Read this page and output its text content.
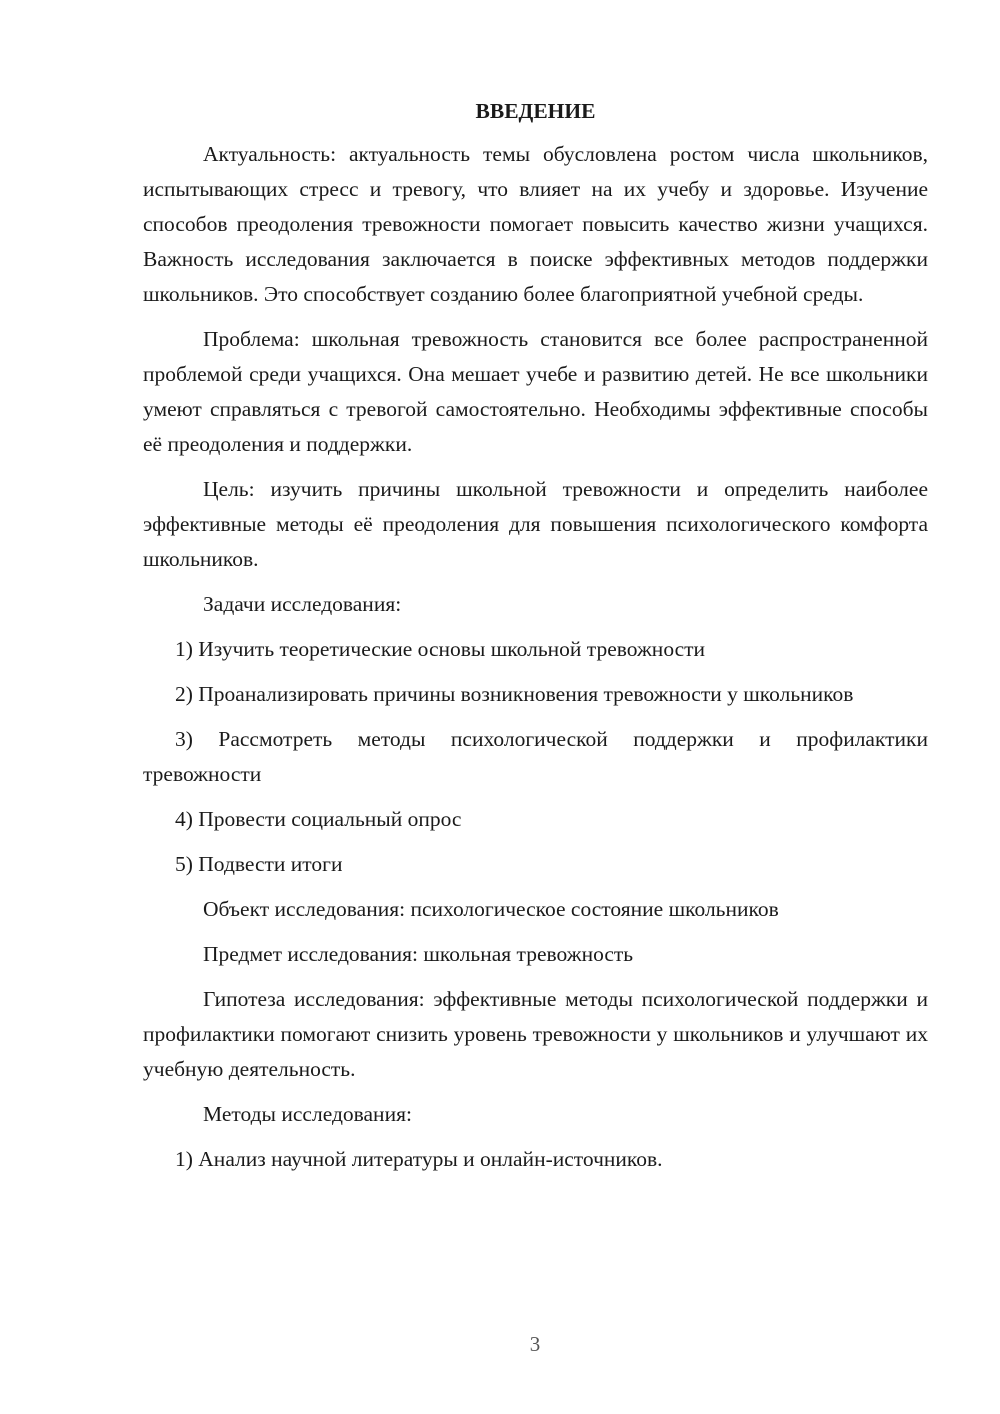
ВВЕДЕНИЕ

Актуальность: актуальность темы обусловлена ростом числа школьников, испытывающих стресс и тревогу, что влияет на их учебу и здоровье. Изучение способов преодоления тревожности помогает повысить качество жизни учащихся. Важность исследования заключается в поиске эффективных методов поддержки школьников. Это способствует созданию более благоприятной учебной среды.

Проблема: школьная тревожность становится все более распространенной проблемой среди учащихся. Она мешает учебе и развитию детей. Не все школьники умеют справляться с тревогой самостоятельно. Необходимы эффективные способы её преодоления и поддержки.

Цель: изучить причины школьной тревожности и определить наиболее эффективные методы её преодоления для повышения психологического комфорта школьников.

Задачи исследования:

1) Изучить теоретические основы школьной тревожности

2) Проанализировать причины возникновения тревожности у школьников

3) Рассмотреть методы психологической поддержки и профилактики тревожности

4) Провести социальный опрос

5) Подвести итоги

Объект исследования: психологическое состояние школьников

Предмет исследования: школьная тревожность

Гипотеза исследования: эффективные методы психологической поддержки и профилактики помогают снизить уровень тревожности у школьников и улучшают их учебную деятельность.

Методы исследования:

1) Анализ научной литературы и онлайн-источников.

3
